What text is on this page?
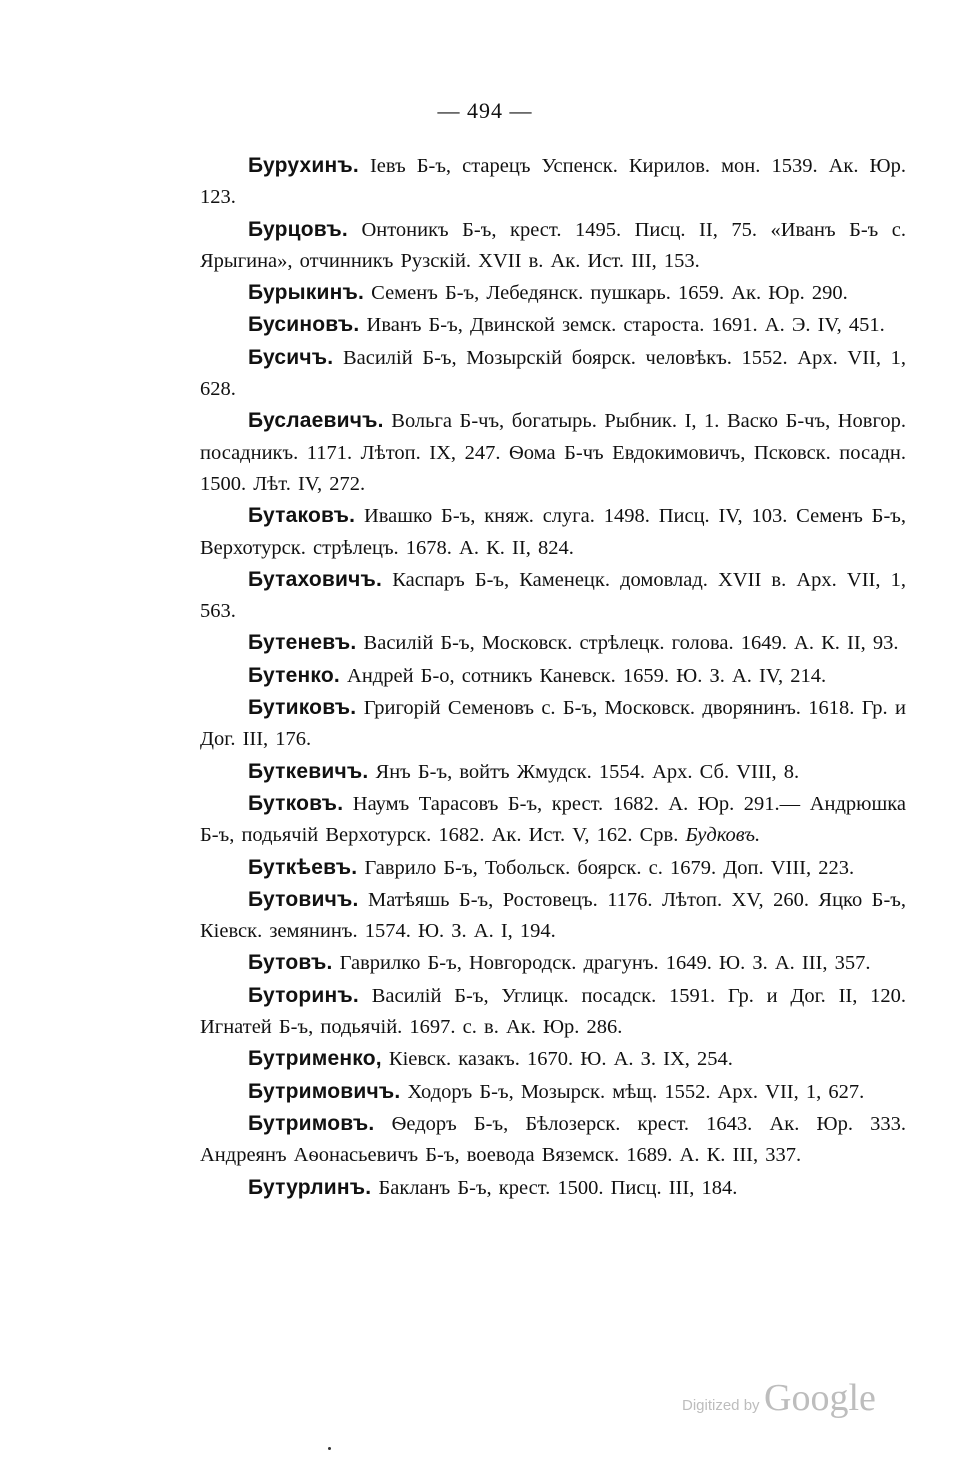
— 494 —
Бурухинъ. Іевъ Б-ъ, старецъ Успенск. Кирилов. мон. 1539. Ак. Юр. 123.
Бурцовъ. Онтоникъ Б-ъ, крест. 1495. Писц. II, 75. «Иванъ Б-ъ с. Ярыгина», отчинникъ Рузскій. XVII в. Ак. Ист. III, 153.
Бурыкинъ. Семенъ Б-ъ, Лебедянск. пушкарь. 1659. Ак. Юр. 290.
Бусиновъ. Иванъ Б-ъ, Двинской земск. староста. 1691. А. Э. IV, 451.
Бусичъ. Василій Б-ъ, Мозырскій боярск. человѣкъ. 1552. Арх. VII, 1, 628.
Буслаевичъ. Вольга Б-чъ, богатырь. Рыбник. I, 1. Васко Б-чъ, Новгор. посадникъ. 1171. Лѣтоп. IX, 247. Ѳома Б-чъ Евдокимовичъ, Псковск. посадн. 1500. Лѣт. IV, 272.
Бутаковъ. Ивашко Б-ъ, княж. слуга. 1498. Писц. IV, 103. Семенъ Б-ъ, Верхотурск. стрѣлецъ. 1678. А. К. II, 824.
Бутаховичъ. Каспаръ Б-ъ, Каменецк. домовлад. XVII в. Арх. VII, 1, 563.
Бутеневъ. Василій Б-ъ, Московск. стрѣлецк. голова. 1649. А. К. II, 93.
Бутенко. Андрей Б-о, сотникъ Каневск. 1659. Ю. З. А. IV, 214.
Бутиковъ. Григорій Семеновъ с. Б-ъ, Московск. дворянинъ. 1618. Гр. и Дог. III, 176.
Буткевичъ. Янъ Б-ъ, войтъ Жмудск. 1554. Арх. Сб. VIII, 8.
Бутковъ. Наумъ Тарасовъ Б-ъ, крест. 1682. А. Юр. 291.— Андрюшка Б-ъ, подьячій Верхотурск. 1682. Ак. Ист. V, 162. Срв. Будковъ.
Буткѣевъ. Гаврило Б-ъ, Тобольск. боярск. с. 1679. Доп. VIII, 223.
Бутовичъ. Матѣяшь Б-ъ, Ростовецъ. 1176. Лѣтоп. XV, 260. Яцко Б-ъ, Кіевск. земянинъ. 1574. Ю. З. А. I, 194.
Бутовъ. Гаврилко Б-ъ, Новгородск. драгунъ. 1649. Ю. З. А. III, 357.
Буторинъ. Василій Б-ъ, Углицк. посадск. 1591. Гр. и Дог. II, 120. Игнатей Б-ъ, подьячій. 1697. с. в. Ак. Юр. 286.
Бутрименко, Кіевск. казакъ. 1670. Ю. А. З. IX, 254.
Бутримовичъ. Ходоръ Б-ъ, Мозырск. мѣщ. 1552. Арх. VII, 1, 627.
Бутримовъ. Ѳедоръ Б-ъ, Бѣлозерск. крест. 1643. Ак. Юр. 333. Андреянъ Аѳонасьевичъ Б-ъ, воевода Вяземск. 1689. А. К. III, 337.
Бутурлинъ. Бакланъ Б-ъ, крест. 1500. Писц. III, 184.
Digitized by Google
